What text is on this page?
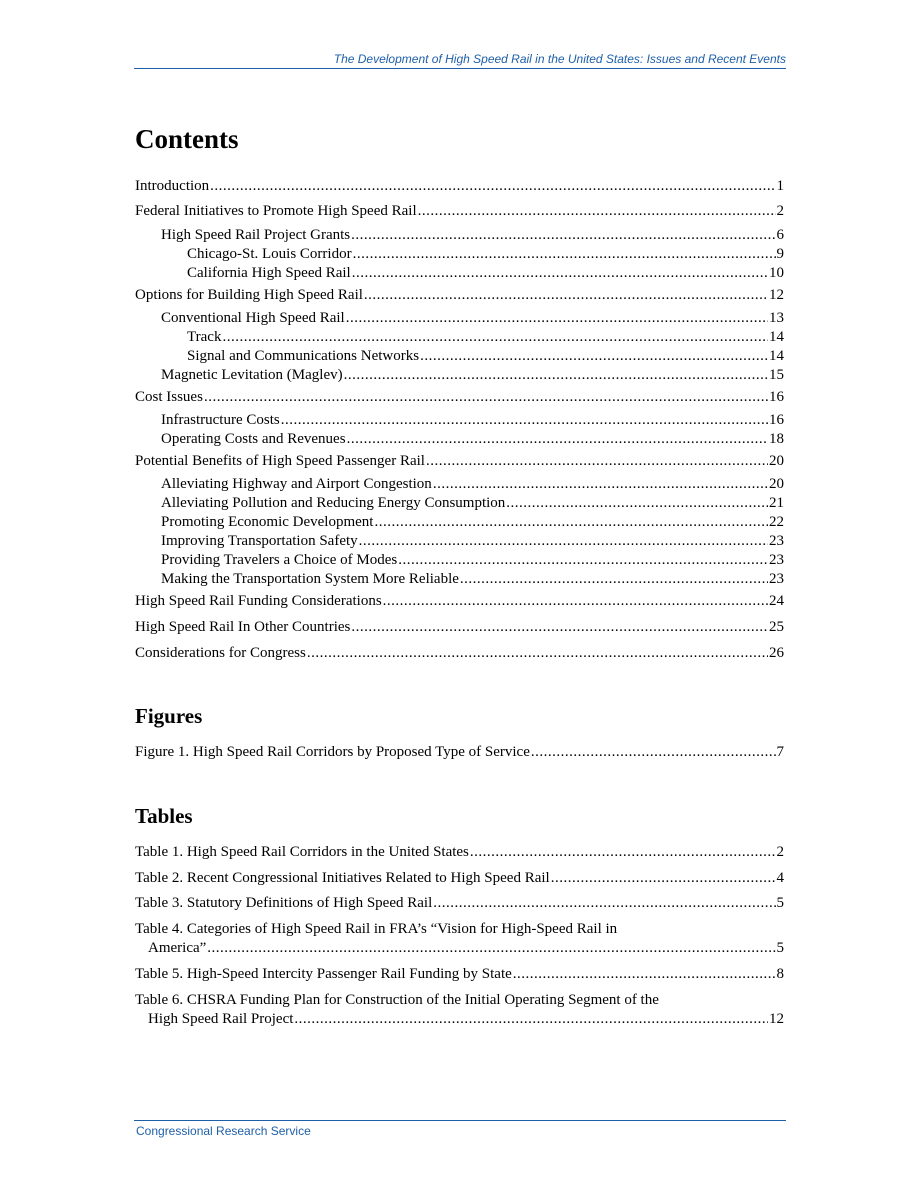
The Development of High Speed Rail in the United States: Issues and Recent Events
Contents
Introduction .....	1
Federal Initiatives to Promote High Speed Rail .....	2
High Speed Rail Project Grants .....	6
Chicago-St. Louis Corridor .....	9
California High Speed Rail .....	10
Options for Building High Speed Rail .....	12
Conventional High Speed Rail .....	13
Track .....	14
Signal and Communications Networks .....	14
Magnetic Levitation (Maglev) .....	15
Cost Issues .....	16
Infrastructure Costs .....	16
Operating Costs and Revenues .....	18
Potential Benefits of High Speed Passenger Rail .....	20
Alleviating Highway and Airport Congestion .....	20
Alleviating Pollution and Reducing Energy Consumption .....	21
Promoting Economic Development .....	22
Improving Transportation Safety .....	23
Providing Travelers a Choice of Modes .....	23
Making the Transportation System More Reliable .....	23
High Speed Rail Funding Considerations .....	24
High Speed Rail In Other Countries .....	25
Considerations for Congress .....	26
Figures
Figure 1. High Speed Rail Corridors by Proposed Type of Service .....	7
Tables
Table 1. High Speed Rail Corridors in the United States .....	2
Table 2. Recent Congressional Initiatives Related to High Speed Rail .....	4
Table 3. Statutory Definitions of High Speed Rail .....	5
Table 4. Categories of High Speed Rail in FRA’s “Vision for High-Speed Rail in
America” .....	5
Table 5. High-Speed Intercity Passenger Rail Funding by State .....	8
Table 6. CHSRA Funding Plan for Construction of the Initial Operating Segment of the
High Speed Rail Project .....	12
Congressional Research Service
